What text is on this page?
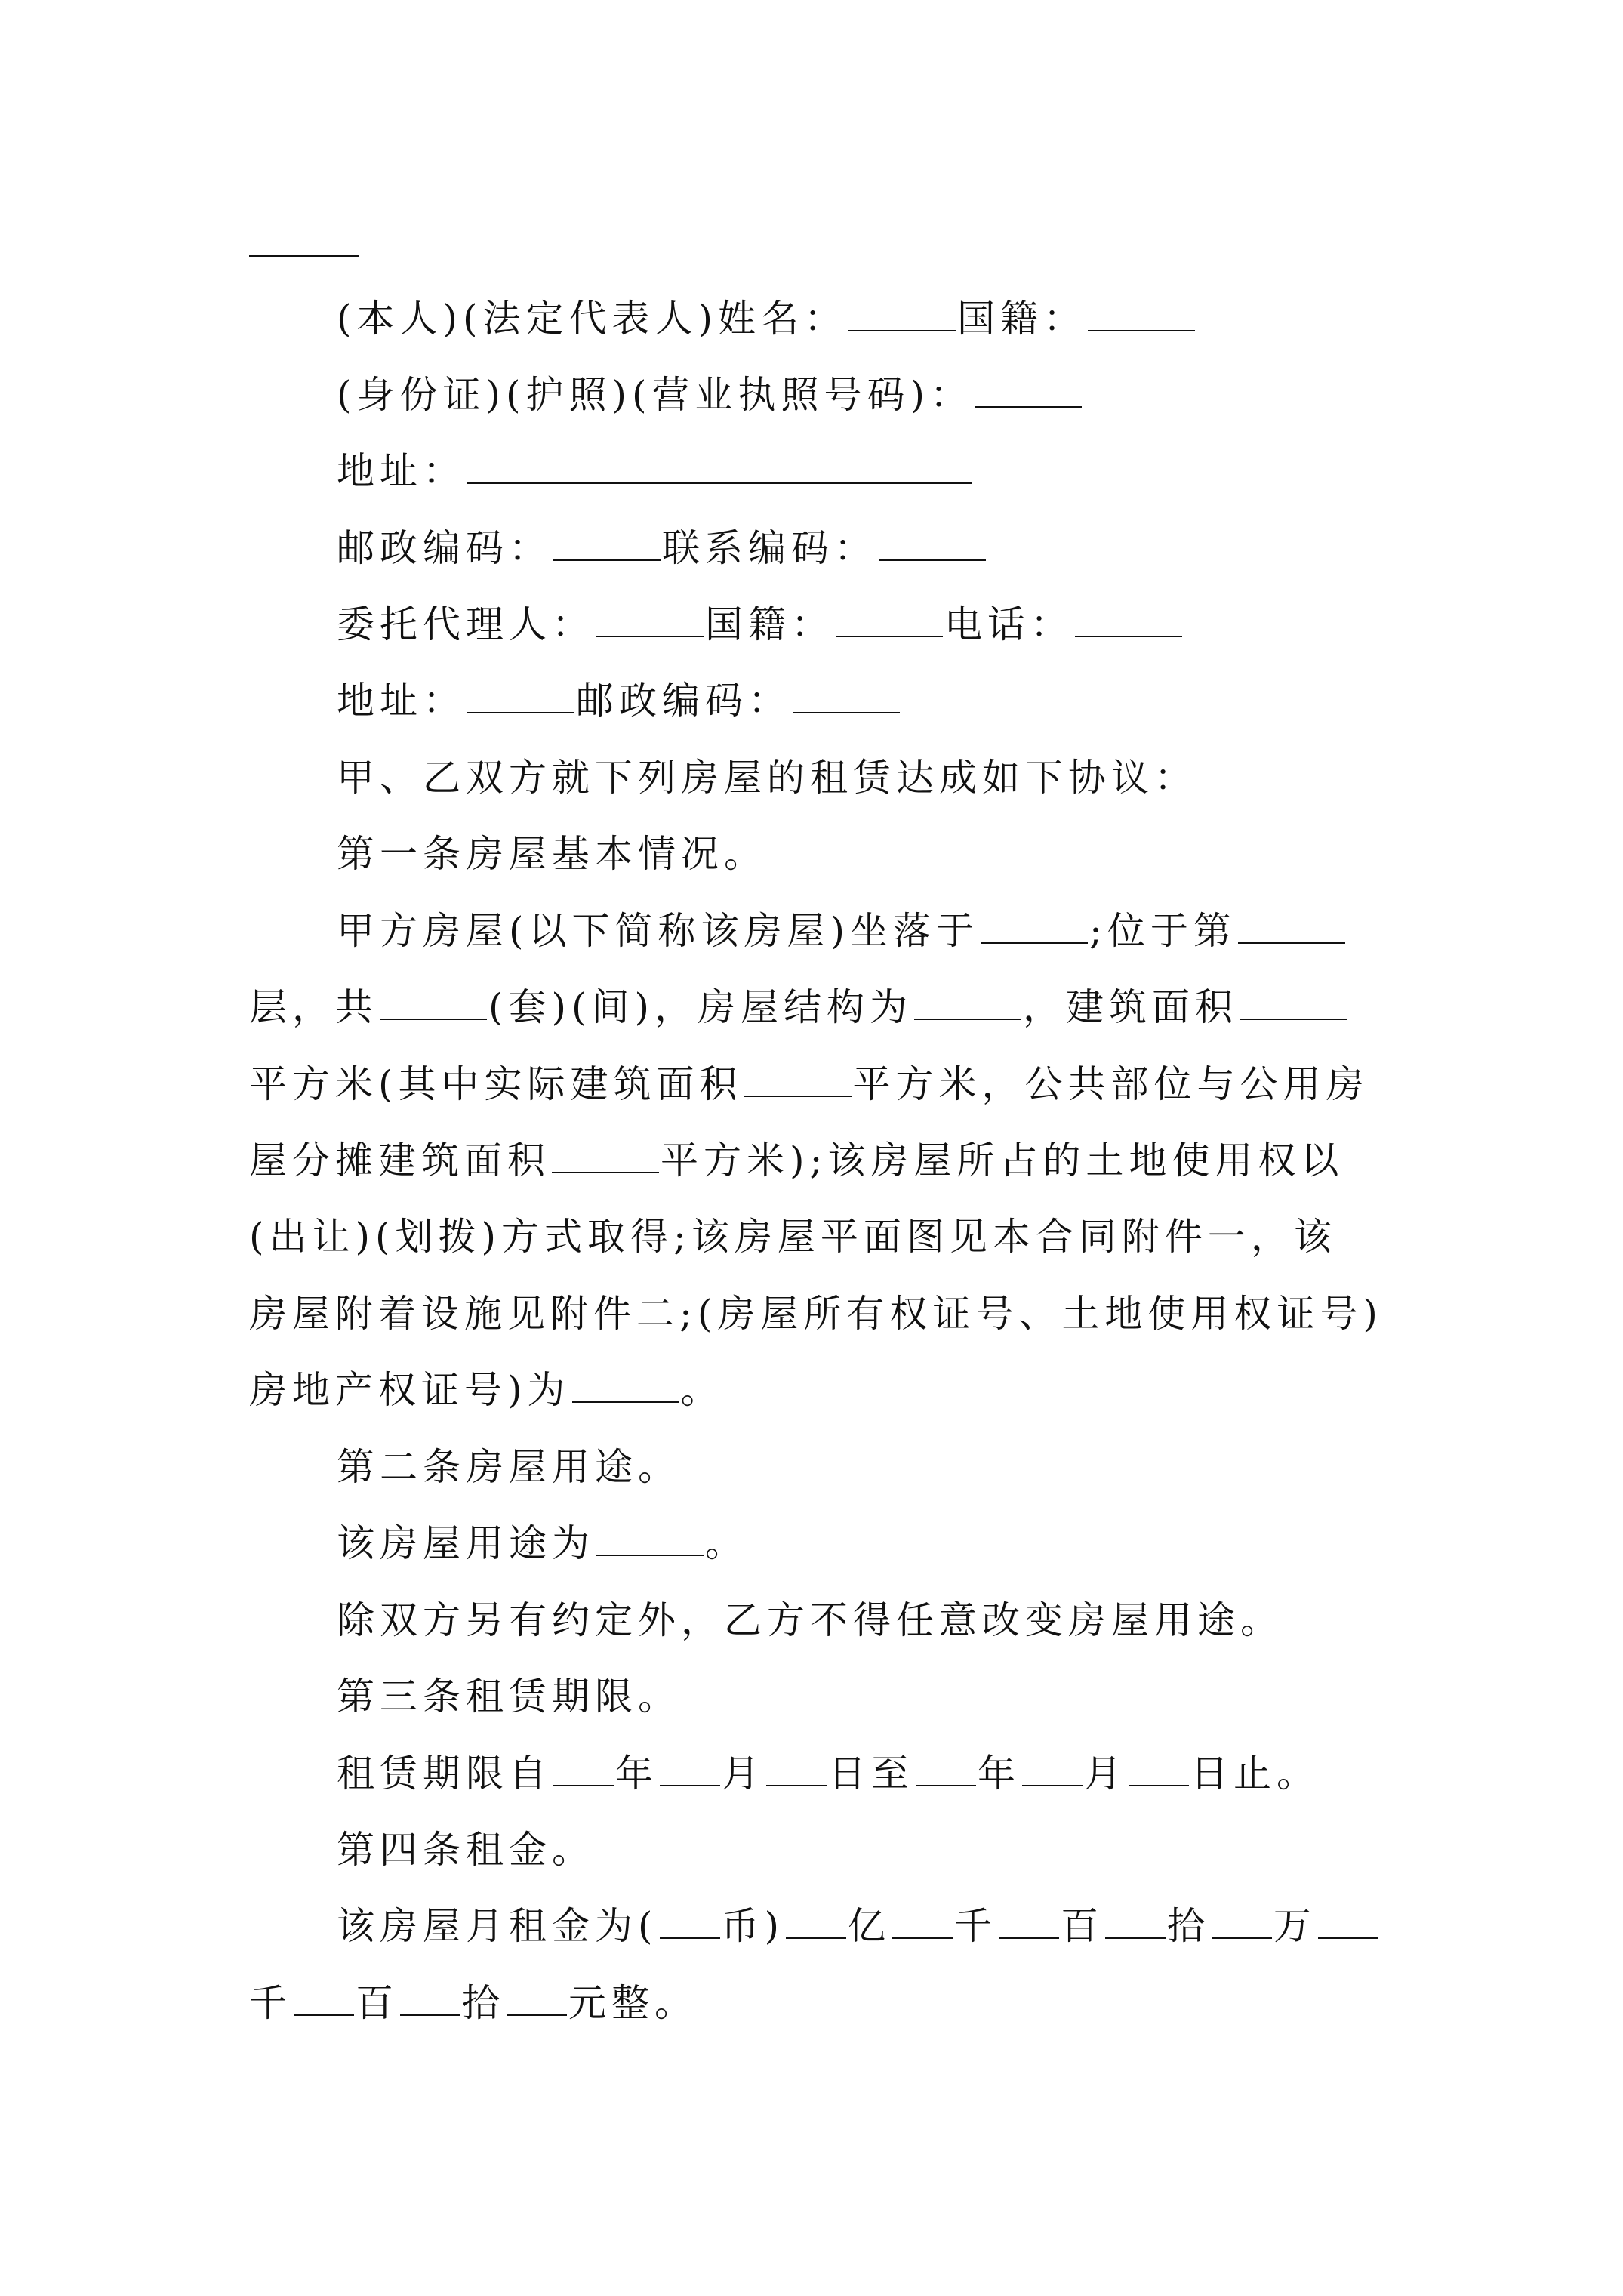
(本人)(法定代表人)姓名：	国籍：
(身份证)(护照)(营业执照号码)：
地址：
邮政编码：	联系编码：
委托代理人：	国籍：	电话：
地址：	邮政编码：
甲、乙双方就下列房屋的租赁达成如下协议：
第一条房屋基本情况。
甲方房屋(以下简称该房屋)坐落于	;位于第
层，共	(套)(间)，房屋结构为	，建筑面积
平方米(其中实际建筑面积	平方米，公共部位与公用房
屋分摊建筑面积	平方米);该房屋所占的土地使用权以
(出让)(划拨)方式取得;该房屋平面图见本合同附件一，该
房屋附着设施见附件二;(房屋所有权证号、土地使用权证号)
房地产权证号)为	。
第二条房屋用途。
该房屋用途为	。
除双方另有约定外，乙方不得任意改变房屋用途。
第三条租赁期限。
租赁期限自 年 月 日至 年 月 日止。
第四条租金。
该房屋月租金为( 币) 亿 千 百 拾 万
千 百 拾 元整。
